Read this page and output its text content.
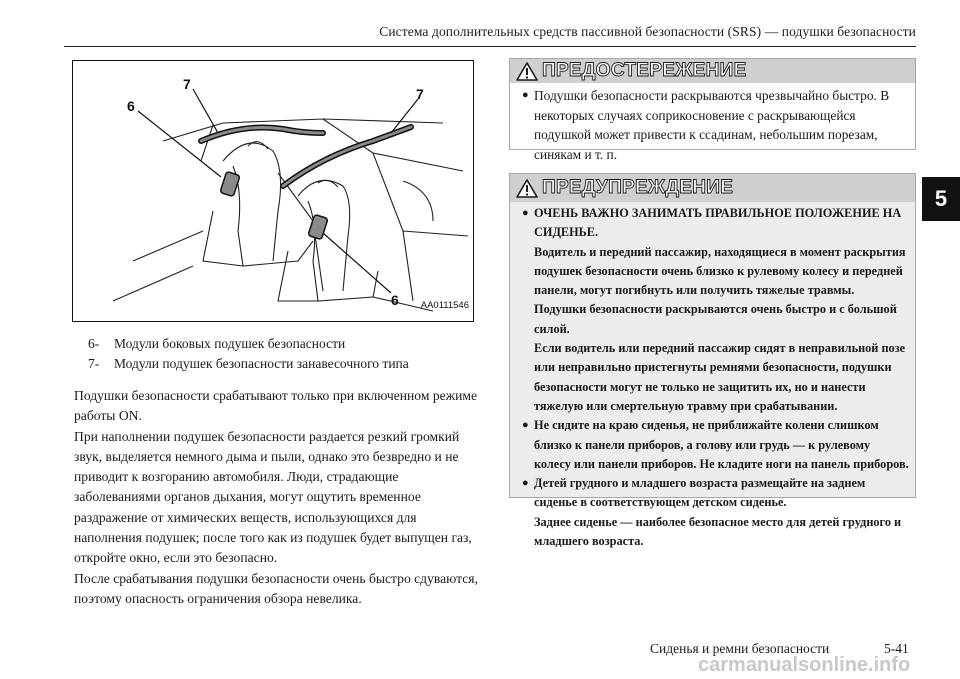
Система дополнительных средств пассивной безопасности (SRS) — подушки безопасности
5
7
7
6
6 AA0111546
6-	Модули боковых подушек безопасности
7-	Модули подушек безопасности занавесочного типа

Подушки безопасности срабатывают только при включенном режиме работы ON.

При наполнении подушек безопасности раздается резкий громкий звук, выделяется немного дыма и пыли, однако это безвредно и не приводит к возгоранию автомобиля. Люди, страдающие заболеваниями органов дыхания, могут ощутить временное раздражение от химических веществ, использующихся для наполнения подушек; после того как из подушек будет выпущен газ, откройте окно, если это безопасно.

После срабатывания подушки безопасности очень быстро сдуваются, поэтому опасность ограничения обзора невелика.

ПРЕДОСТЕРЕЖЕНИЕ
● Подушки безопасности раскрываются чрезвычайно быстро. В некоторых случаях соприкосновение с раскрывающейся подушкой может привести к ссадинам, небольшим порезам, синякам и т. п.
ПРЕДУПРЕЖДЕНИЕ
● ОЧЕНЬ ВАЖНО ЗАНИМАТЬ ПРАВИЛЬНОЕ ПОЛОЖЕНИЕ НА СИДЕНЬЕ.
Водитель и передний пассажир, находящиеся в момент раскрытия подушек безопасности очень близко к рулевому колесу и передней панели, могут погибнуть или получить тяжелые травмы.
Подушки безопасности раскрываются очень быстро и с большой силой.
Если водитель или передний пассажир сидят в неправильной позе или неправильно пристегнуты ремнями безопасности, подушки безопасности могут не только не защитить их, но и нанести тяжелую или смертельную травму при срабатывании.
● Не сидите на краю сиденья, не приближайте колени слишком близко к панели приборов, а голову или грудь — к рулевому колесу или панели приборов. Не кладите ноги на панель приборов.
● Детей грудного и младшего возраста размещайте на заднем сиденье в соответствующем детском сиденье.
Заднее сиденье — наиболее безопасное место для детей грудного и младшего возраста.
Сиденья и ремни безопасности	5-41
carmanualsonline.info
